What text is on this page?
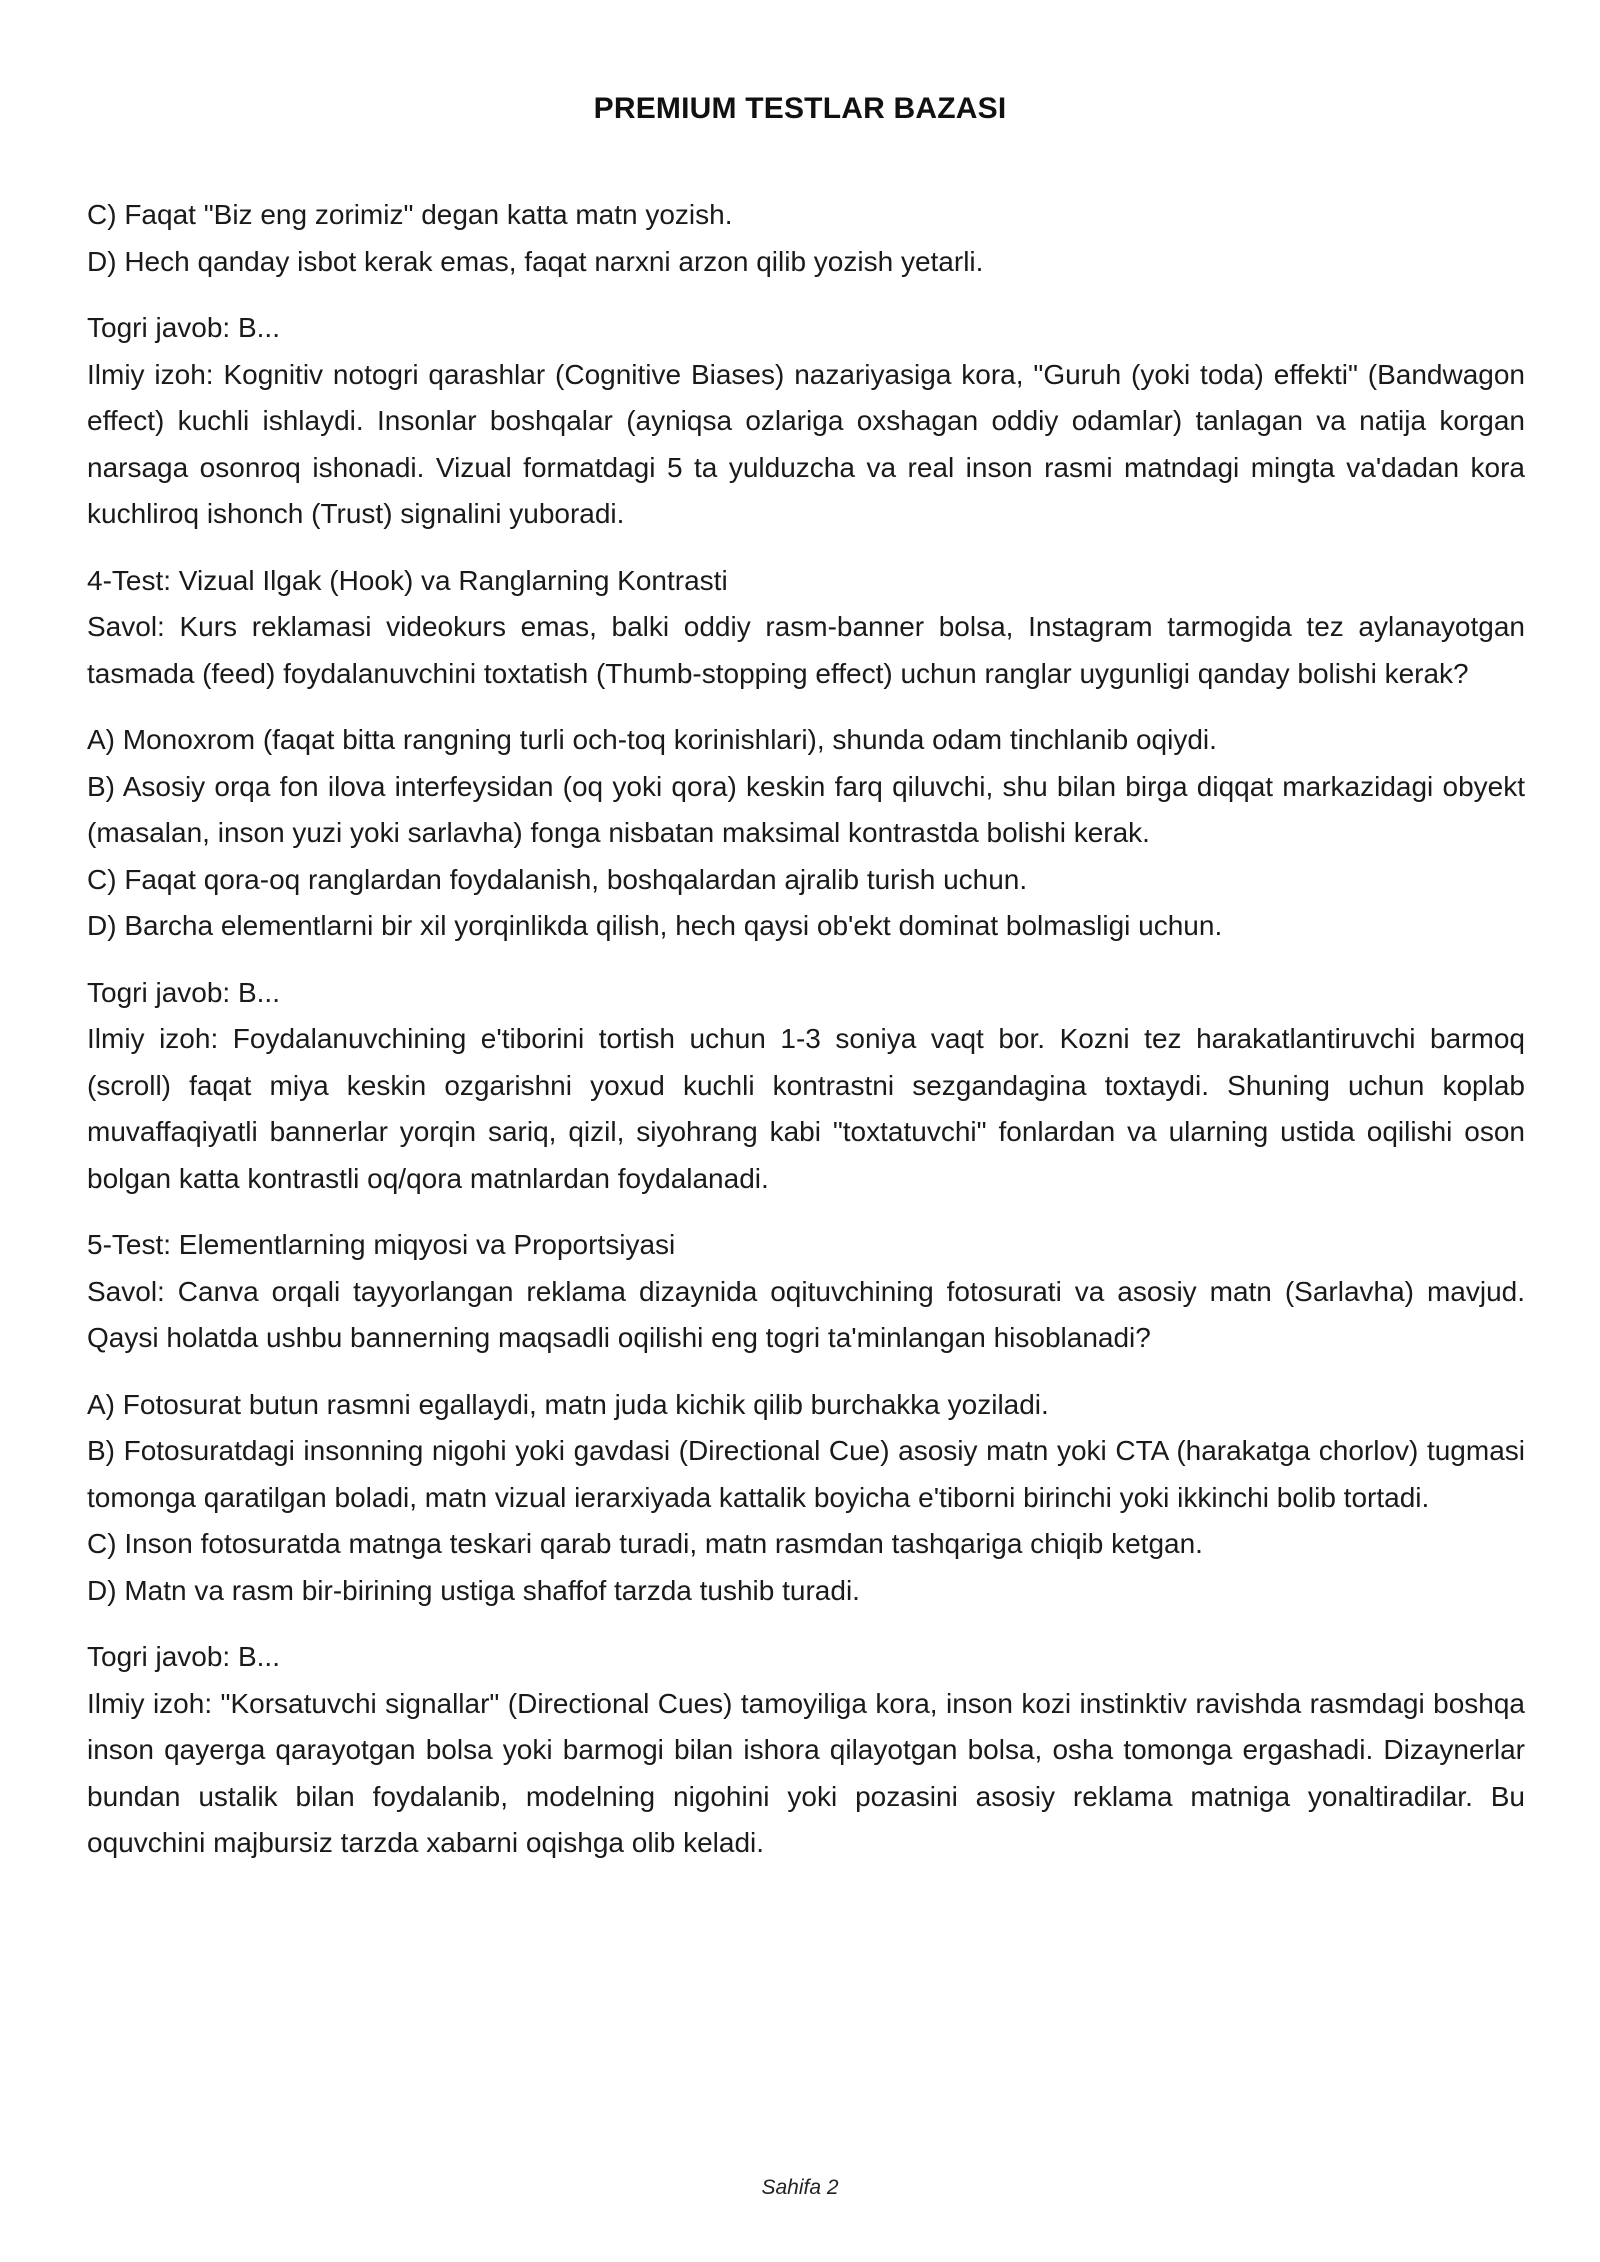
PREMIUM TESTLAR BAZASI

C) Faqat "Biz eng zorimiz" degan katta matn yozish.

D) Hech qanday isbot kerak emas, faqat narxni arzon qilib yozish yetarli.

Togri javob: B...

Ilmiy izoh: Kognitiv notogri qarashlar (Cognitive Biases) nazariyasiga kora, "Guruh (yoki toda) effekti" (Bandwagon effect) kuchli ishlaydi. Insonlar boshqalar (ayniqsa ozlariga oxshagan oddiy odamlar) tanlagan va natija korgan narsaga osonroq ishonadi. Vizual formatdagi 5 ta yulduzcha va real inson rasmi matndagi mingta va'dadan kora kuchliroq ishonch (Trust) signalini yuboradi.

4-Test: Vizual Ilgak (Hook) va Ranglarning Kontrasti

Savol: Kurs reklamasi videokurs emas, balki oddiy rasm-banner bolsa, Instagram tarmogida tez aylanayotgan tasmada (feed) foydalanuvchini toxtatish (Thumb-stopping effect) uchun ranglar uygunligi qanday bolishi kerak?

A) Monoxrom (faqat bitta rangning turli och-toq korinishlari), shunda odam tinchlanib oqiydi.

B) Asosiy orqa fon ilova interfeysidan (oq yoki qora) keskin farq qiluvchi, shu bilan birga diqqat markazidagi obyekt (masalan, inson yuzi yoki sarlavha) fonga nisbatan maksimal kontrastda bolishi kerak.

C) Faqat qora-oq ranglardan foydalanish, boshqalardan ajralib turish uchun.

D) Barcha elementlarni bir xil yorqinlikda qilish, hech qaysi ob'ekt dominat bolmasligi uchun.

Togri javob: B...

Ilmiy izoh: Foydalanuvchining e'tiborini tortish uchun 1-3 soniya vaqt bor. Kozni tez harakatlantiruvchi barmoq (scroll) faqat miya keskin ozgarishni yoxud kuchli kontrastni sezgandagina toxtaydi. Shuning uchun koplab muvaffaqiyatli bannerlar yorqin sariq, qizil, siyohrang kabi "toxtatuvchi" fonlardan va ularning ustida oqilishi oson bolgan katta kontrastli oq/qora matnlardan foydalanadi.

5-Test: Elementlarning miqyosi va Proportsiyasi

Savol: Canva orqali tayyorlangan reklama dizaynida oqituvchining fotosurati va asosiy matn (Sarlavha) mavjud. Qaysi holatda ushbu bannerning maqsadli oqilishi eng togri ta'minlangan hisoblanadi?

A) Fotosurat butun rasmni egallaydi, matn juda kichik qilib burchakka yoziladi.

B) Fotosuratdagi insonning nigohi yoki gavdasi (Directional Cue) asosiy matn yoki CTA (harakatga chorlov) tugmasi tomonga qaratilgan boladi, matn vizual ierarxiyada kattalik boyicha e'tiborni birinchi yoki ikkinchi bolib tortadi.

C) Inson fotosuratda matnga teskari qarab turadi, matn rasmdan tashqariga chiqib ketgan.

D) Matn va rasm bir-birining ustiga shaffof tarzda tushib turadi.

Togri javob: B...

Ilmiy izoh: "Korsatuvchi signallar" (Directional Cues) tamoyiliga kora, inson kozi instinktiv ravishda rasmdagi boshqa inson qayerga qarayotgan bolsa yoki barmogi bilan ishora qilayotgan bolsa, osha tomonga ergashadi. Dizaynerlar bundan ustalik bilan foydalanib, modelning nigohini yoki pozasini asosiy reklama matniga yonaltiradilar. Bu oquvchini majbursiz tarzda xabarni oqishga olib keladi.

Sahifa 2
